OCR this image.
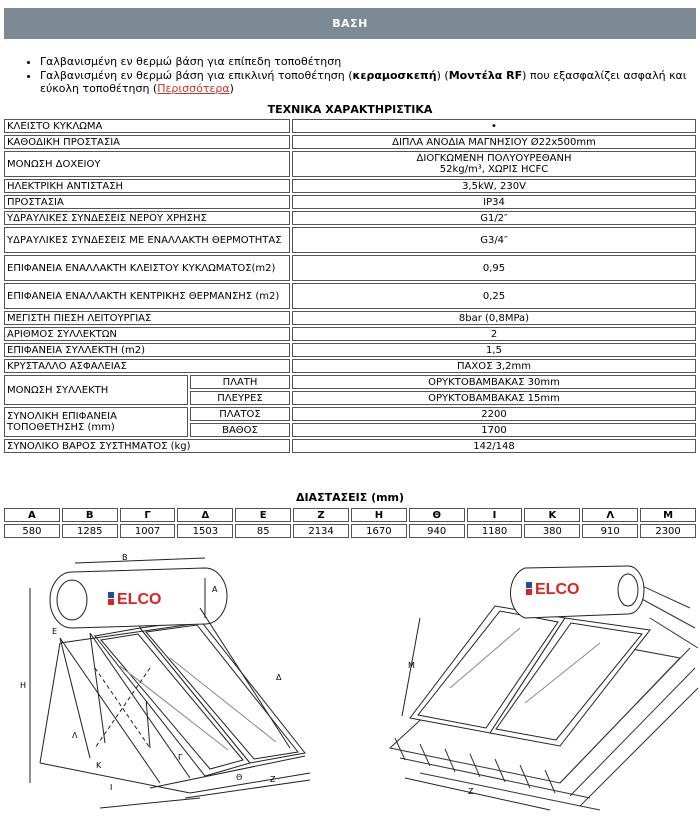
ΒΑΣΗ
• Γαλβανισμένη εν θερμώ βάση για επίπεδη τοποθέτηση
• Γαλβανισμένη εν θερμώ βάση για επικλινή τοποθέτηση (κεραμοσκεπή) (Μοντέλα RF) που εξασφαλίζει ασφαλή και εύκολη τοποθέτηση (Περισσότερα)
ΤΕΧΝΙΚΑ ΧΑΡΑΚΤΗΡΙΣΤΙΚΑ
ΚΛΕΙΣΤΟ ΚΥΚΛΩΜΑ		•
ΚΑΘΟΔΙΚΗ ΠΡΟΣΤΑΣΙΑ		ΔΙΠΛΑ ΑΝΟΔΙΑ ΜΑΓΝΗΣΙΟΥ Ø22x500mm
ΜΟΝΩΣΗ ΔΟΧΕΙΟΥ		ΔΙΟΓΚΩΜΕΝΗ ΠΟΛΥΟΥΡΕΘΑΝΗ
52kg/m³, ΧΩΡΙΣ HCFC

ΗΛΕΚΤΡΙΚΗ ΑΝΤΙΣΤΑΣΗ		3,5kW, 230V
ΠΡΟΣΤΑΣΙΑ		IP34
ΥΔΡΑΥΛΙΚΕΣ ΣΥΝΔΕΣΕΙΣ ΝΕΡΟΥ ΧΡΗΣΗΣ		G1/2″
ΥΔΡΑΥΛΙΚΕΣ ΣΥΝΔΕΣΕΙΣ ΜΕ ΕΝΑΛΛΑΚΤΗ ΘΕΡΜΟΤΗΤΑΣ		G3/4″
ΕΠΙΦΑΝΕΙΑ ΕΝΑΛΛΑΚΤΗ ΚΛΕΙΣΤΟΥ ΚΥΚΛΩΜΑΤΟΣ(m2)		0,95
ΕΠΙΦΑΝΕΙΑ ΕΝΑΛΛΑΚΤΗ ΚΕΝΤΡΙΚΗΣ ΘΕΡΜΑΝΣΗΣ (m2)		0,25
ΜΕΓΙΣΤΗ ΠΙΕΣΗ ΛΕΙΤΟΥΡΓΙΑΣ		8bar (0,8MPa)
ΑΡΙΘΜΟΣ ΣΥΛΛΕΚΤΩΝ		2
ΕΠΙΦΑΝΕΙΑ ΣΥΛΛΕΚΤΗ (m2)		1,5
ΚΡΥΣΤΑΛΛΟ ΑΣΦΑΛΕΙΑΣ		ΠΑΧΟΣ 3,2mm
ΜΟΝΩΣΗ ΣΥΛΛΕΚΤΗ	ΠΛΑΤΗ	ΟΡΥΚΤΟΒΑΜΒΑΚΑΣ 30mm
	ΠΛΕΥΡΕΣ	ΟΡΥΚΤΟΒΑΜΒΑΚΑΣ 15mm
ΣΥΝΟΛΙΚΗ ΕΠΙΦΑΝΕΙΑ ΤΟΠΟΘΕΤΗΣΗΣ (mm)	ΠΛΑΤΟΣ	2200
	ΒΑΘΟΣ	1700
ΣΥΝΟΛΙΚΟ ΒΑΡΟΣ ΣΥΣΤΗΜΑΤΟΣ (kg)		142/148
ΔΙΑΣΤΑΣΕΙΣ (mm)
Α	Β	Γ	Δ	Ε	Ζ	Η	Θ	Ι	Κ	Λ	Μ
580	1285	1007	1503	85	2134	1670	940	1180	380	910	2300
ELCO
ELCO
Β
Α
Ε
Γ
Δ
Η
Λ
Κ
Ι
Θ	Ζ
Μ
Ζ
